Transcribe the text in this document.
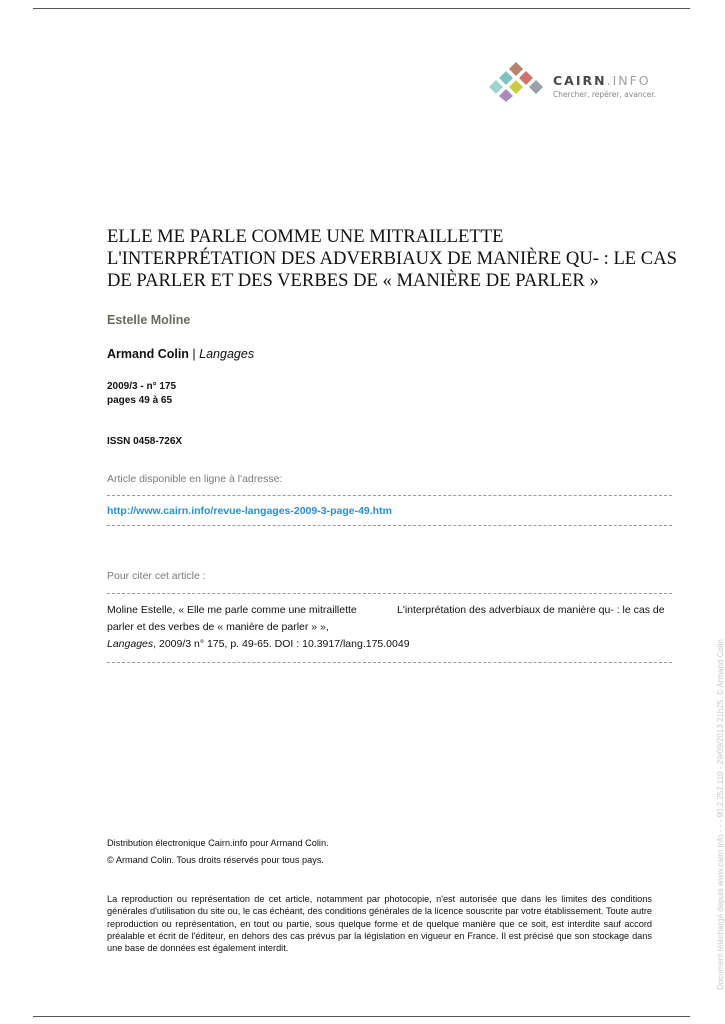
CAIRN.INFO
Chercher, repérer, avancer.
ELLE ME PARLE COMME UNE MITRAILLETTE
L'INTERPRÉTATION DES ADVERBIAUX DE MANIÈRE QU- : LE CAS
DE PARLER ET DES VERBES DE « MANIÈRE DE PARLER »
Estelle Moline
Armand Colin | Langages
2009/3 - n° 175
pages 49 à 65
ISSN 0458-726X
Article disponible en ligne à l'adresse:
http://www.cairn.info/revue-langages-2009-3-page-49.htm
Pour citer cet article :
Moline Estelle, « Elle me parle comme une mitraillette	L'interprétation des adverbiaux de manière qu- : le cas de
parler et des verbes de « manière de parler » »,
Langages, 2009/3 n° 175, p. 49-65. DOI : 10.3917/lang.175.0049
Distribution électronique Cairn.info pour Armand Colin.
© Armand Colin. Tous droits réservés pour tous pays.
La reproduction ou représentation de cet article, notamment par photocopie, n'est autorisée que dans les limites des conditions générales d'utilisation du site ou, le cas échéant, des conditions générales de la licence souscrite par votre établissement. Toute autre reproduction ou représentation, en tout ou partie, sous quelque forme et de quelque manière que ce soit, est interdite sauf accord préalable et écrit de l'éditeur, en dehors des cas prévus par la législation en vigueur en France. Il est précisé que son stockage dans une base de données est également interdit.	Document téléchargé depuis www.cairn.info - - - 90.2.252.110 - 29/09/2013 21h25. © Armand Colin
